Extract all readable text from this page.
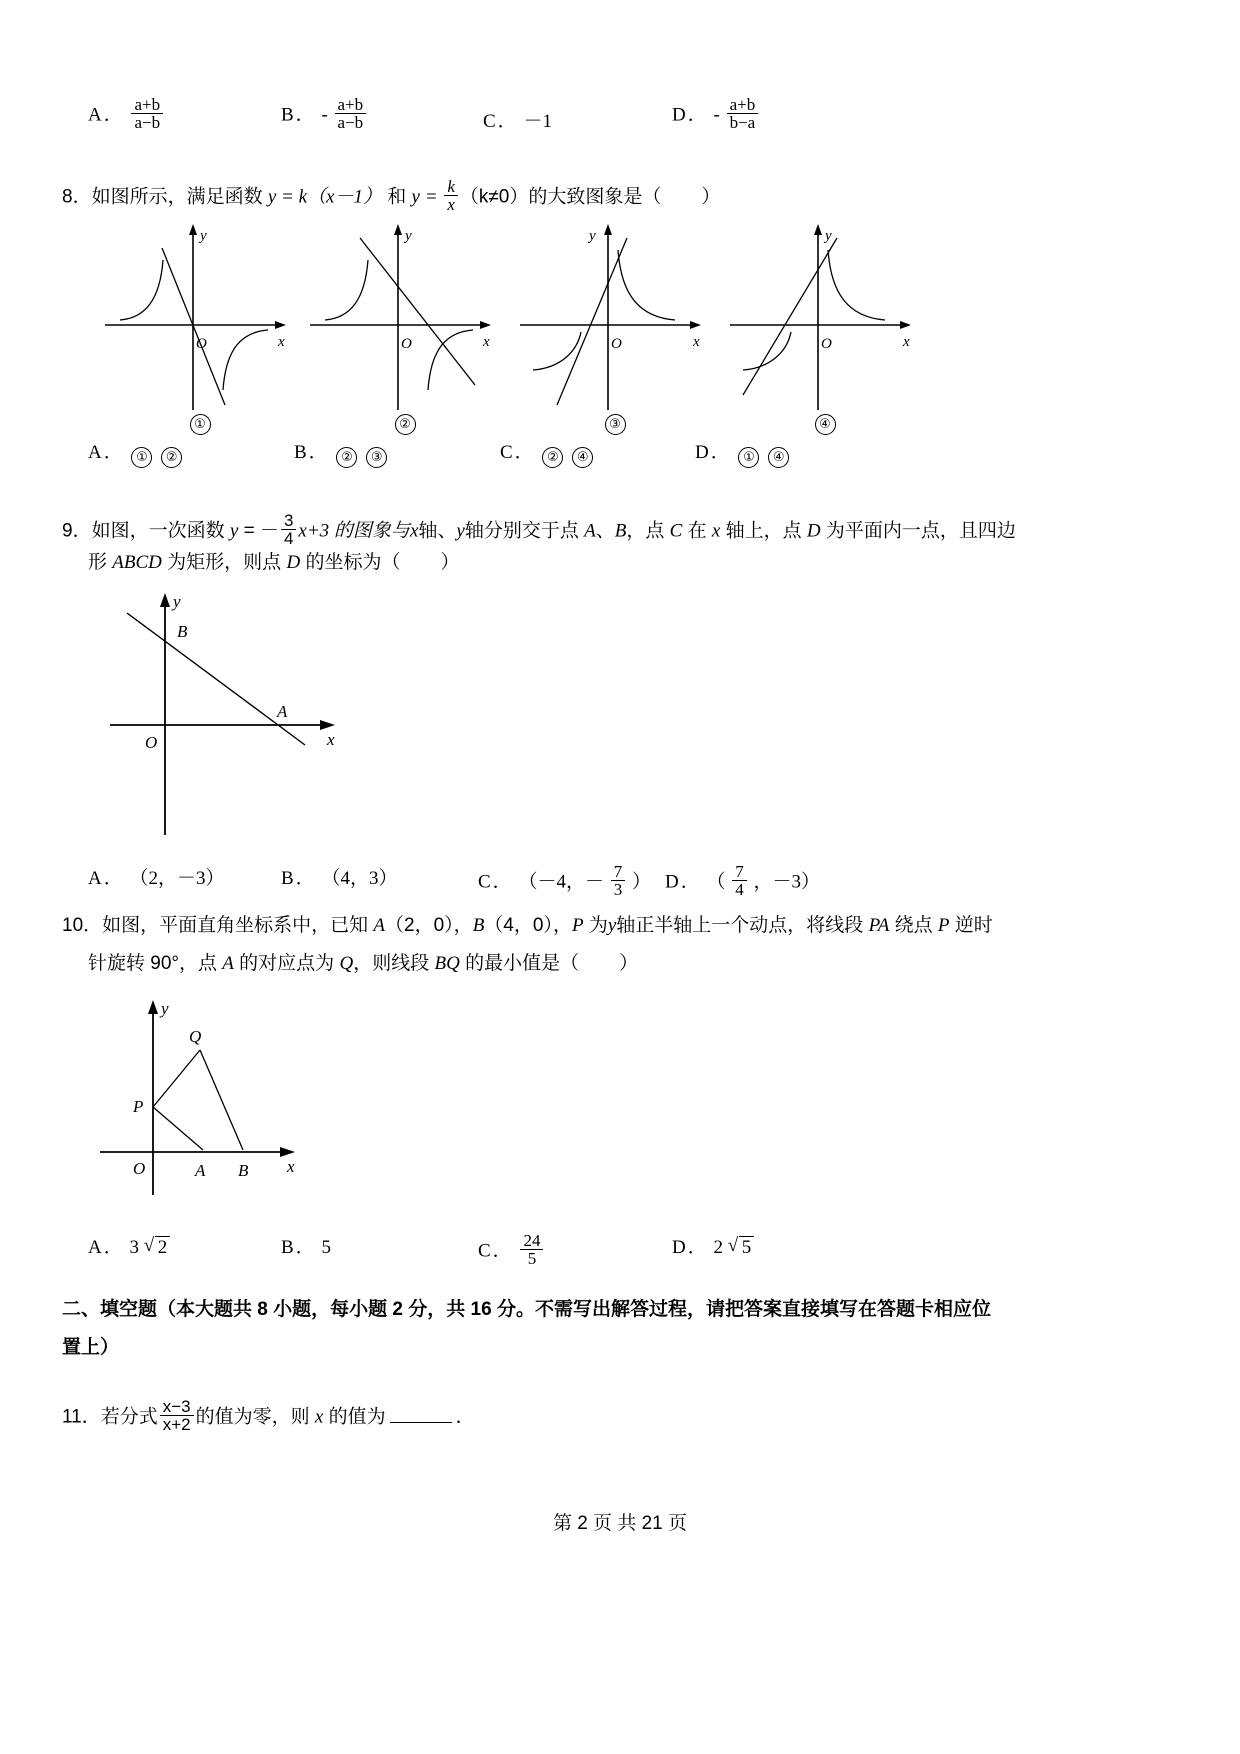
A． $\frac{a+b}{a-b}$	B． - $\frac{a+b}{a-b}$	C． －1	D． - $\frac{a+b}{b-a}$
8．如图所示，满足函数 y = k（x－1） 和 $y = \frac{k}{x} (k\ne 0)$的大致图象是（ ）
O	x
y
①
O	x
y
②
O	x
y
③
O	x
y
④
A． ① ②	B． ② ③	C． ② ④	D． ① ④
9．如图，一次函数 y = － $\frac{3}{4} x+3$ 的图象与x轴、y轴分别交于点 A、B，点 C 在 x 轴上，点 D 为平面内一点，且四边
形 ABCD 为矩形，则点 D 的坐标为（ ）
B
A
O	x
y
A． （2，－3）	B． （4，3）	C． （－4，－ $\frac{7}{3}$ ） D． （ $\frac{7}{4}$ ，－3）
10．如图，平面直角坐标系中，已知 A（2，0），B（4，0），P 为y轴正半轴上一个动点，将线段 PA 绕点 P 逆时
针旋转 90°，点 A 的对应点为 Q，则线段 BQ 的最小值是（ ）
Q
P
O	A B x
y
A． 3 √ 2	B． 5	C． $\frac{24}{5}$	D． 2 √ 5
二、填空题（本大题共 8 小题，每小题 2 分，共 16 分。不需写出解答过程，请把答案直接填写在答题卡相应位
置上）
11．若分式 $\frac{x-3}{x+2}$ 的值为零，则 x 的值为	．
第 2 页 共 21 页
